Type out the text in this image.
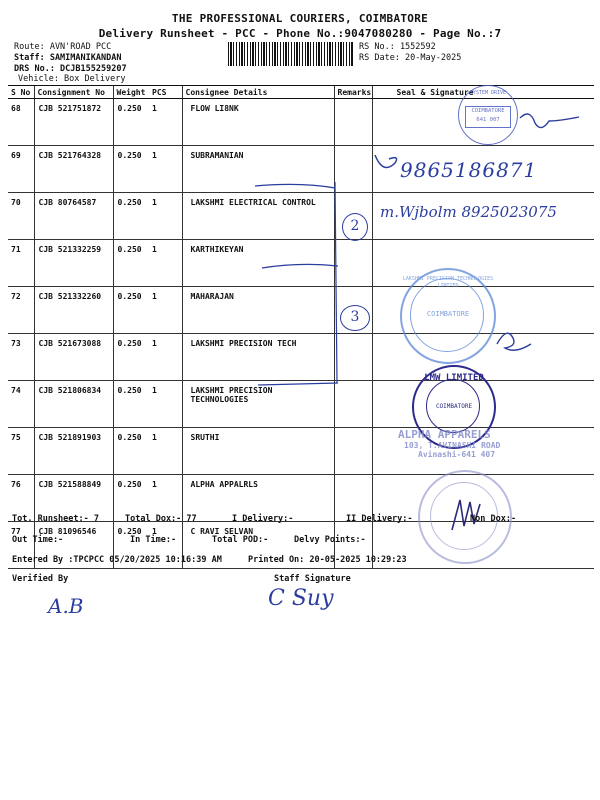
THE PROFESSIONAL COURIERS, COIMBATORE
Delivery Runsheet - PCC - Phone No.:9047080280 - Page No.:7
Route: AVN'ROAD PCC
Staff: SAMIMANIKANDAN
DRS No.: DCJB155259207
Vehicle: Box Delivery
RS No.: 1552592
RS Date: 20-May-2025
S No	Consignment No	Weight	PCS	Consignee Details	Remarks	Seal & Signature
68	CJB 521751872	0.250	1	FLOW LI8NK		
69	CJB 521764328	0.250	1	SUBRAMANIAN		
70	CJB 80764587	0.250	1	LAKSHMI ELECTRICAL CONTROL		
71	CJB 521332259	0.250	1	KARTHIKEYAN		
72	CJB 521332260	0.250	1	MAHARAJAN		
73	CJB 521673088	0.250	1	LAKSHMI PRECISION TECH		
74	CJB 521806834	0.250	1	LAKSHMI PRECISION TECHNOLOGIES		
75	CJB 521891903	0.250	1	SRUTHI		
76	CJB 521588849	0.250	1	ALPHA APPALRLS		
77	CJB 81096546	0.250	1	C RAVI SELVAN		
2
3
9865186871
m.Wjbolm 8925023075
SYSTEM DRIVE
COIMBATORE 641 007
LAKSHMI PRECISION TECHNOLOGIES LIMITED
COIMBATORE
LMW LIMITED
COIMBATORE
ALPHA APPARELS
103, T.AVINASHI ROAD
Avinashi-641 407
Tot. Runsheet:- 7	Total Dox:- 77	I Delivery:-	II Delivery:-	Non Dox:-
Out Time:-	In Time:-	Total POD:-	Delvy Points:-
Entered By :TPCPCC 05/20/2025 10:16:39 AM	Printed On: 20-05-2025 10:29:23
Verified By	Staff Signature
A.B	C Suy
